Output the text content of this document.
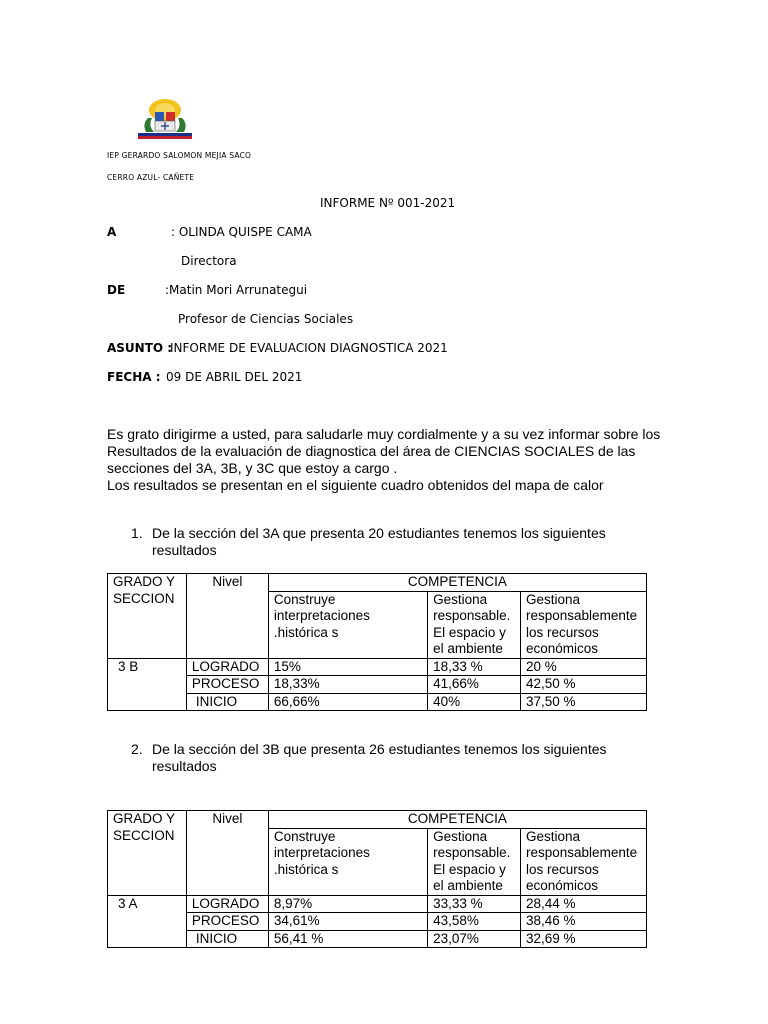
IEP GERARDO SALOMON MEJIA SACO
CERRO AZUL- CAÑETE
INFORME Nº 001-2021
A	: OLINDA QUISPE CAMA
Directora
DE	:Matin Mori Arrunategui
Profesor de Ciencias Sociales
ASUNTO :
INFORME DE EVALUACION DIAGNOSTICA 2021
FECHA : 09 DE ABRIL DEL 2021
Es grato dirigirme a usted, para saludarle muy cordialmente y a su vez informar sobre los
Resultados de la evaluación de diagnostica del área de CIENCIAS SOCIALES de las
secciones del 3A, 3B, y 3C que estoy a cargo .
Los resultados se presentan en el siguiente cuadro obtenidos del mapa de calor
1. De la sección del 3A que presenta 20 estudiantes tenemos los siguientes
resultados
GRADO Y SECCION	Nivel	COMPETENCIA		
		Construye interpretaciones .histórica s	Gestiona responsable. El espacio y el ambiente	Gestiona responsablemente los recursos económicos
3 B	LOGRADO	15%	18,33 %	20 %
	PROCESO	18,33%	41,66%	42,50 %
	INICIO	66,66%	40%	37,50 %
2. De la sección del 3B que presenta 26 estudiantes tenemos los siguientes
resultados
GRADO Y SECCION	Nivel	COMPETENCIA		
		Construye interpretaciones .histórica s	Gestiona responsable. El espacio y el ambiente	Gestiona responsablemente los recursos económicos
3 A	LOGRADO	8,97%	33,33 %	28,44 %
	PROCESO	34,61%	43,58%	38,46 %
	INICIO	56,41 %	23,07%	32,69 %
